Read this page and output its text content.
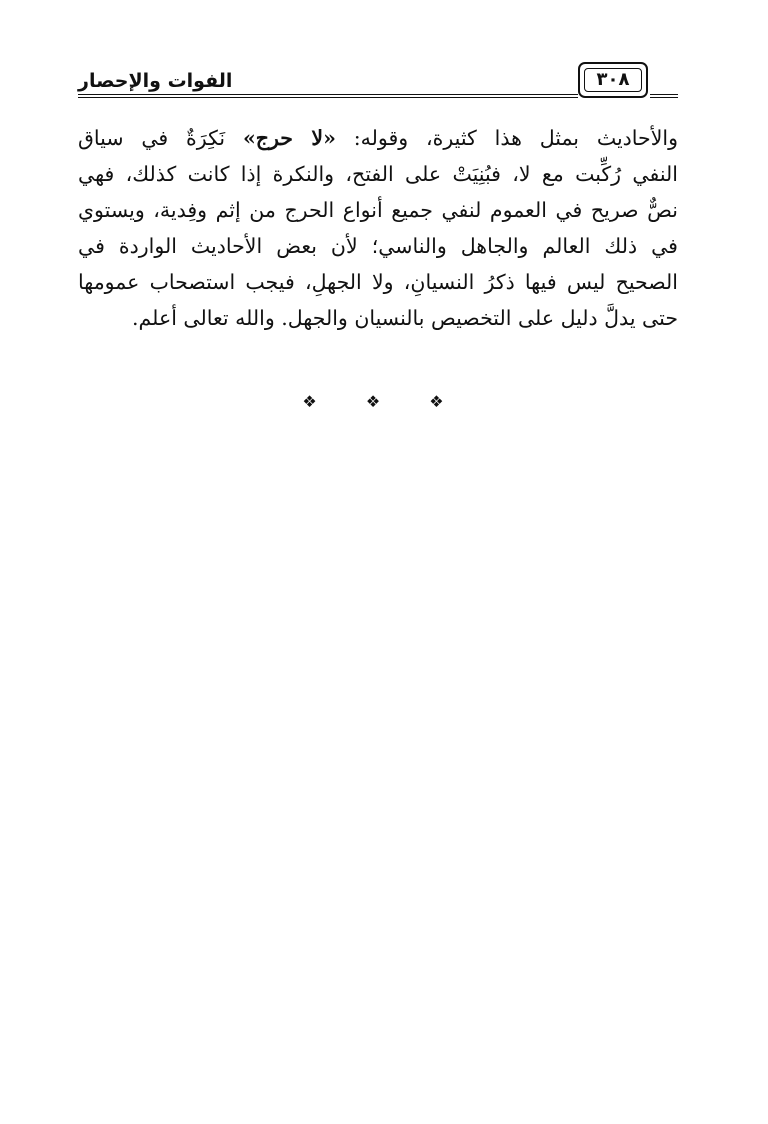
الفوات والإحصار	٣٠٨
والأحاديث بمثل هذا كثيرة، وقوله: «لا حرج» نَكِرَةٌ في سياق
النفي رُكِّبت مع لا، فبُنِيَتْ على الفتح، والنكرة إذا كانت كذلك، فهي
نصٌّ صريح في العموم لنفي جميع أنواع الحرج من إثم وفِدية، ويستوي
في ذلك العالم والجاهل والناسي؛ لأن بعض الأحاديث الواردة في
الصحيح ليس فيها ذكرُ النسيانِ، ولا الجهلِ، فيجب استصحاب عمومها
حتى يدلَّ دليل على التخصيص بالنسيان والجهل. والله تعالى أعلم.
❖ ❖ ❖
